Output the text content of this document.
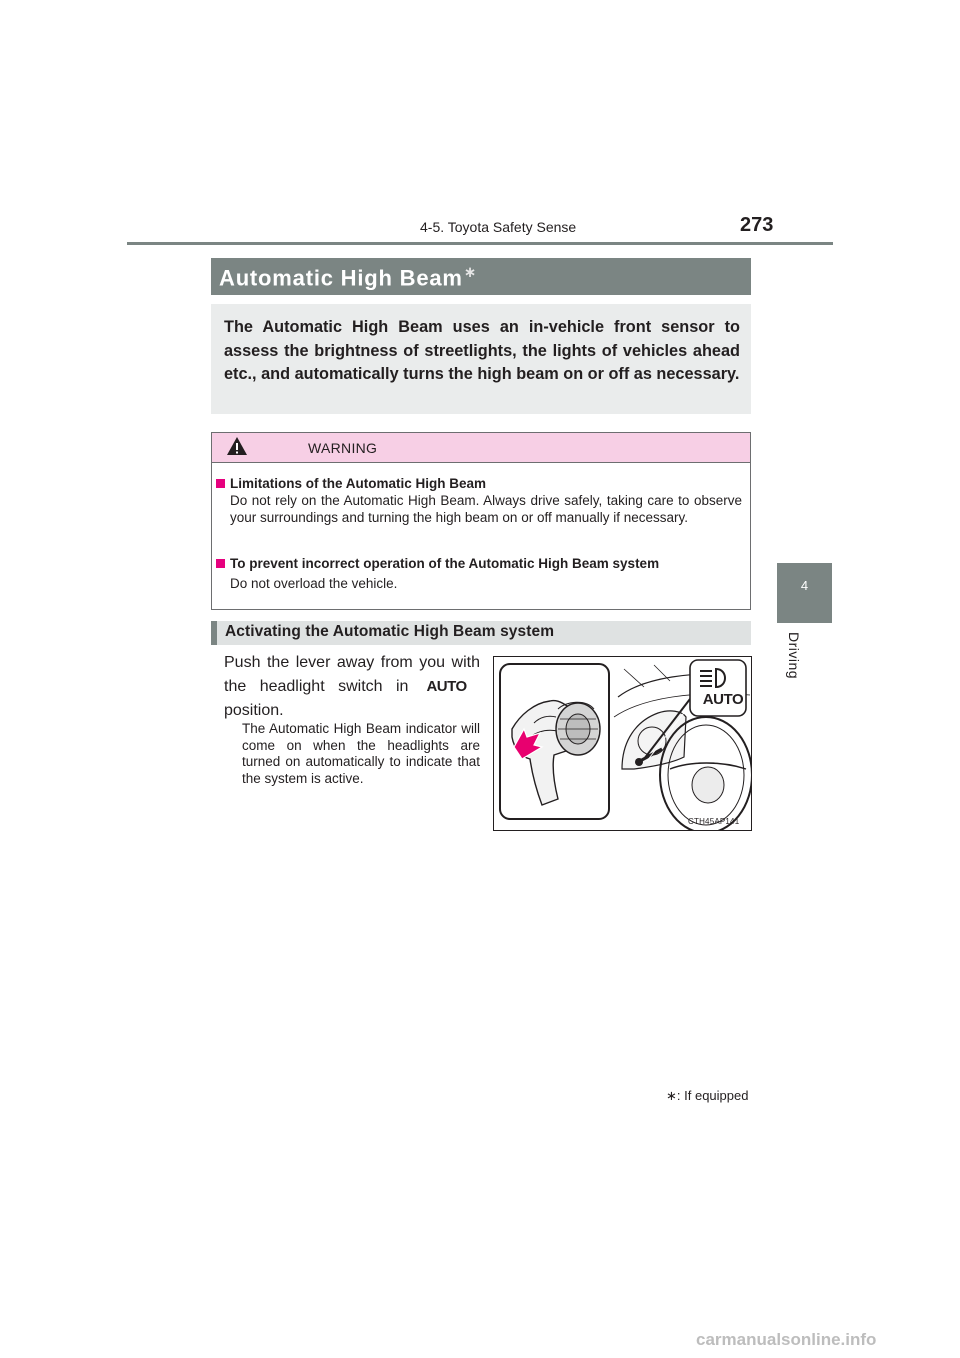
4-5. Toyota Safety Sense	273
4
Driving
Automatic High Beam∗
The Automatic High Beam uses an in-vehicle front sensor to assess the brightness of streetlights, the lights of vehicles ahead etc., and automatically turns the high beam on or off as necessary.
WARNING
Limitations of the Automatic High Beam
Do not rely on the Automatic High Beam. Always drive safely, taking care to observe your surroundings and turning the high beam on or off manually if necessary.
To prevent incorrect operation of the Automatic High Beam system
Do not overload the vehicle.
Activating the Automatic High Beam system
Push the lever away from you with
the headlight switch in AUTO
position.
The Automatic High Beam indicator will come on when the headlights are turned on automatically to indicate that the system is active.
AUTO
CTH45AP141
∗: If equipped
carmanualsonline.info
